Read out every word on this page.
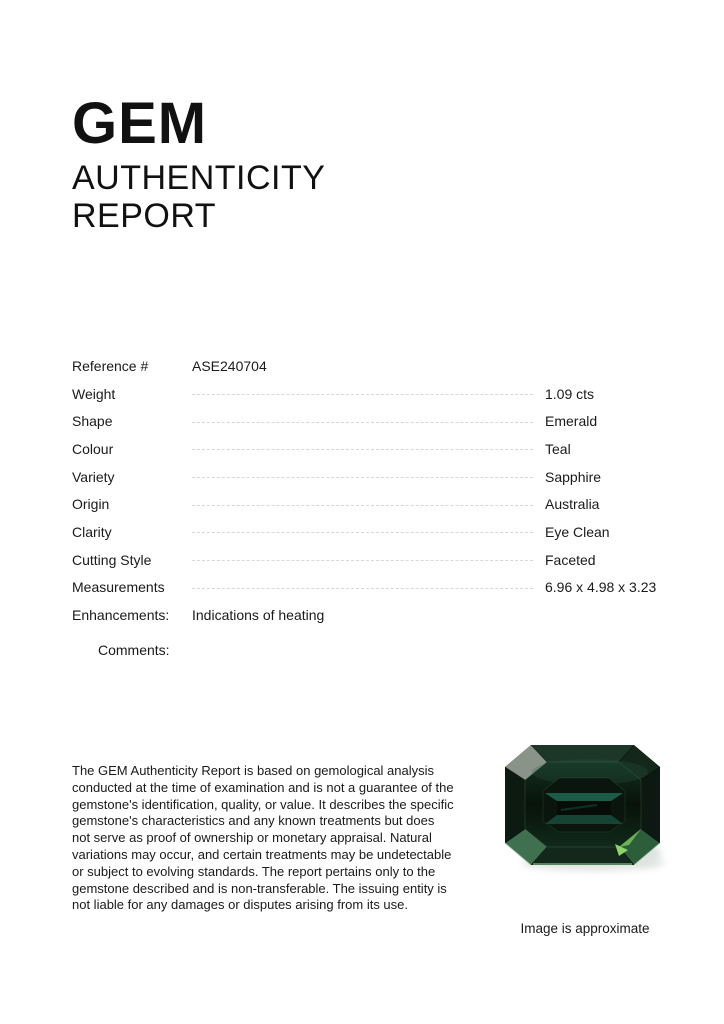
GEM
AUTHENTICITY
REPORT
Reference #	ASE240704
Weight	1.09 cts
Shape	Emerald
Colour	Teal
Variety	Sapphire
Origin	Australia
Clarity	Eye Clean
Cutting Style	Faceted
Measurements	6.96 x 4.98 x 3.23
Enhancements:	Indications of heating
Comments:
The GEM Authenticity Report is based on gemological analysis conducted at the time of examination and is not a guarantee of the gemstone's identification, quality, or value. It describes the specific gemstone's characteristics and any known treatments but does not serve as proof of ownership or monetary appraisal. Natural variations may occur, and certain treatments may be undetectable or subject to evolving standards. The report pertains only to the gemstone described and is non-transferable. The issuing entity is not liable for any damages or disputes arising from its use.
Image is approximate
